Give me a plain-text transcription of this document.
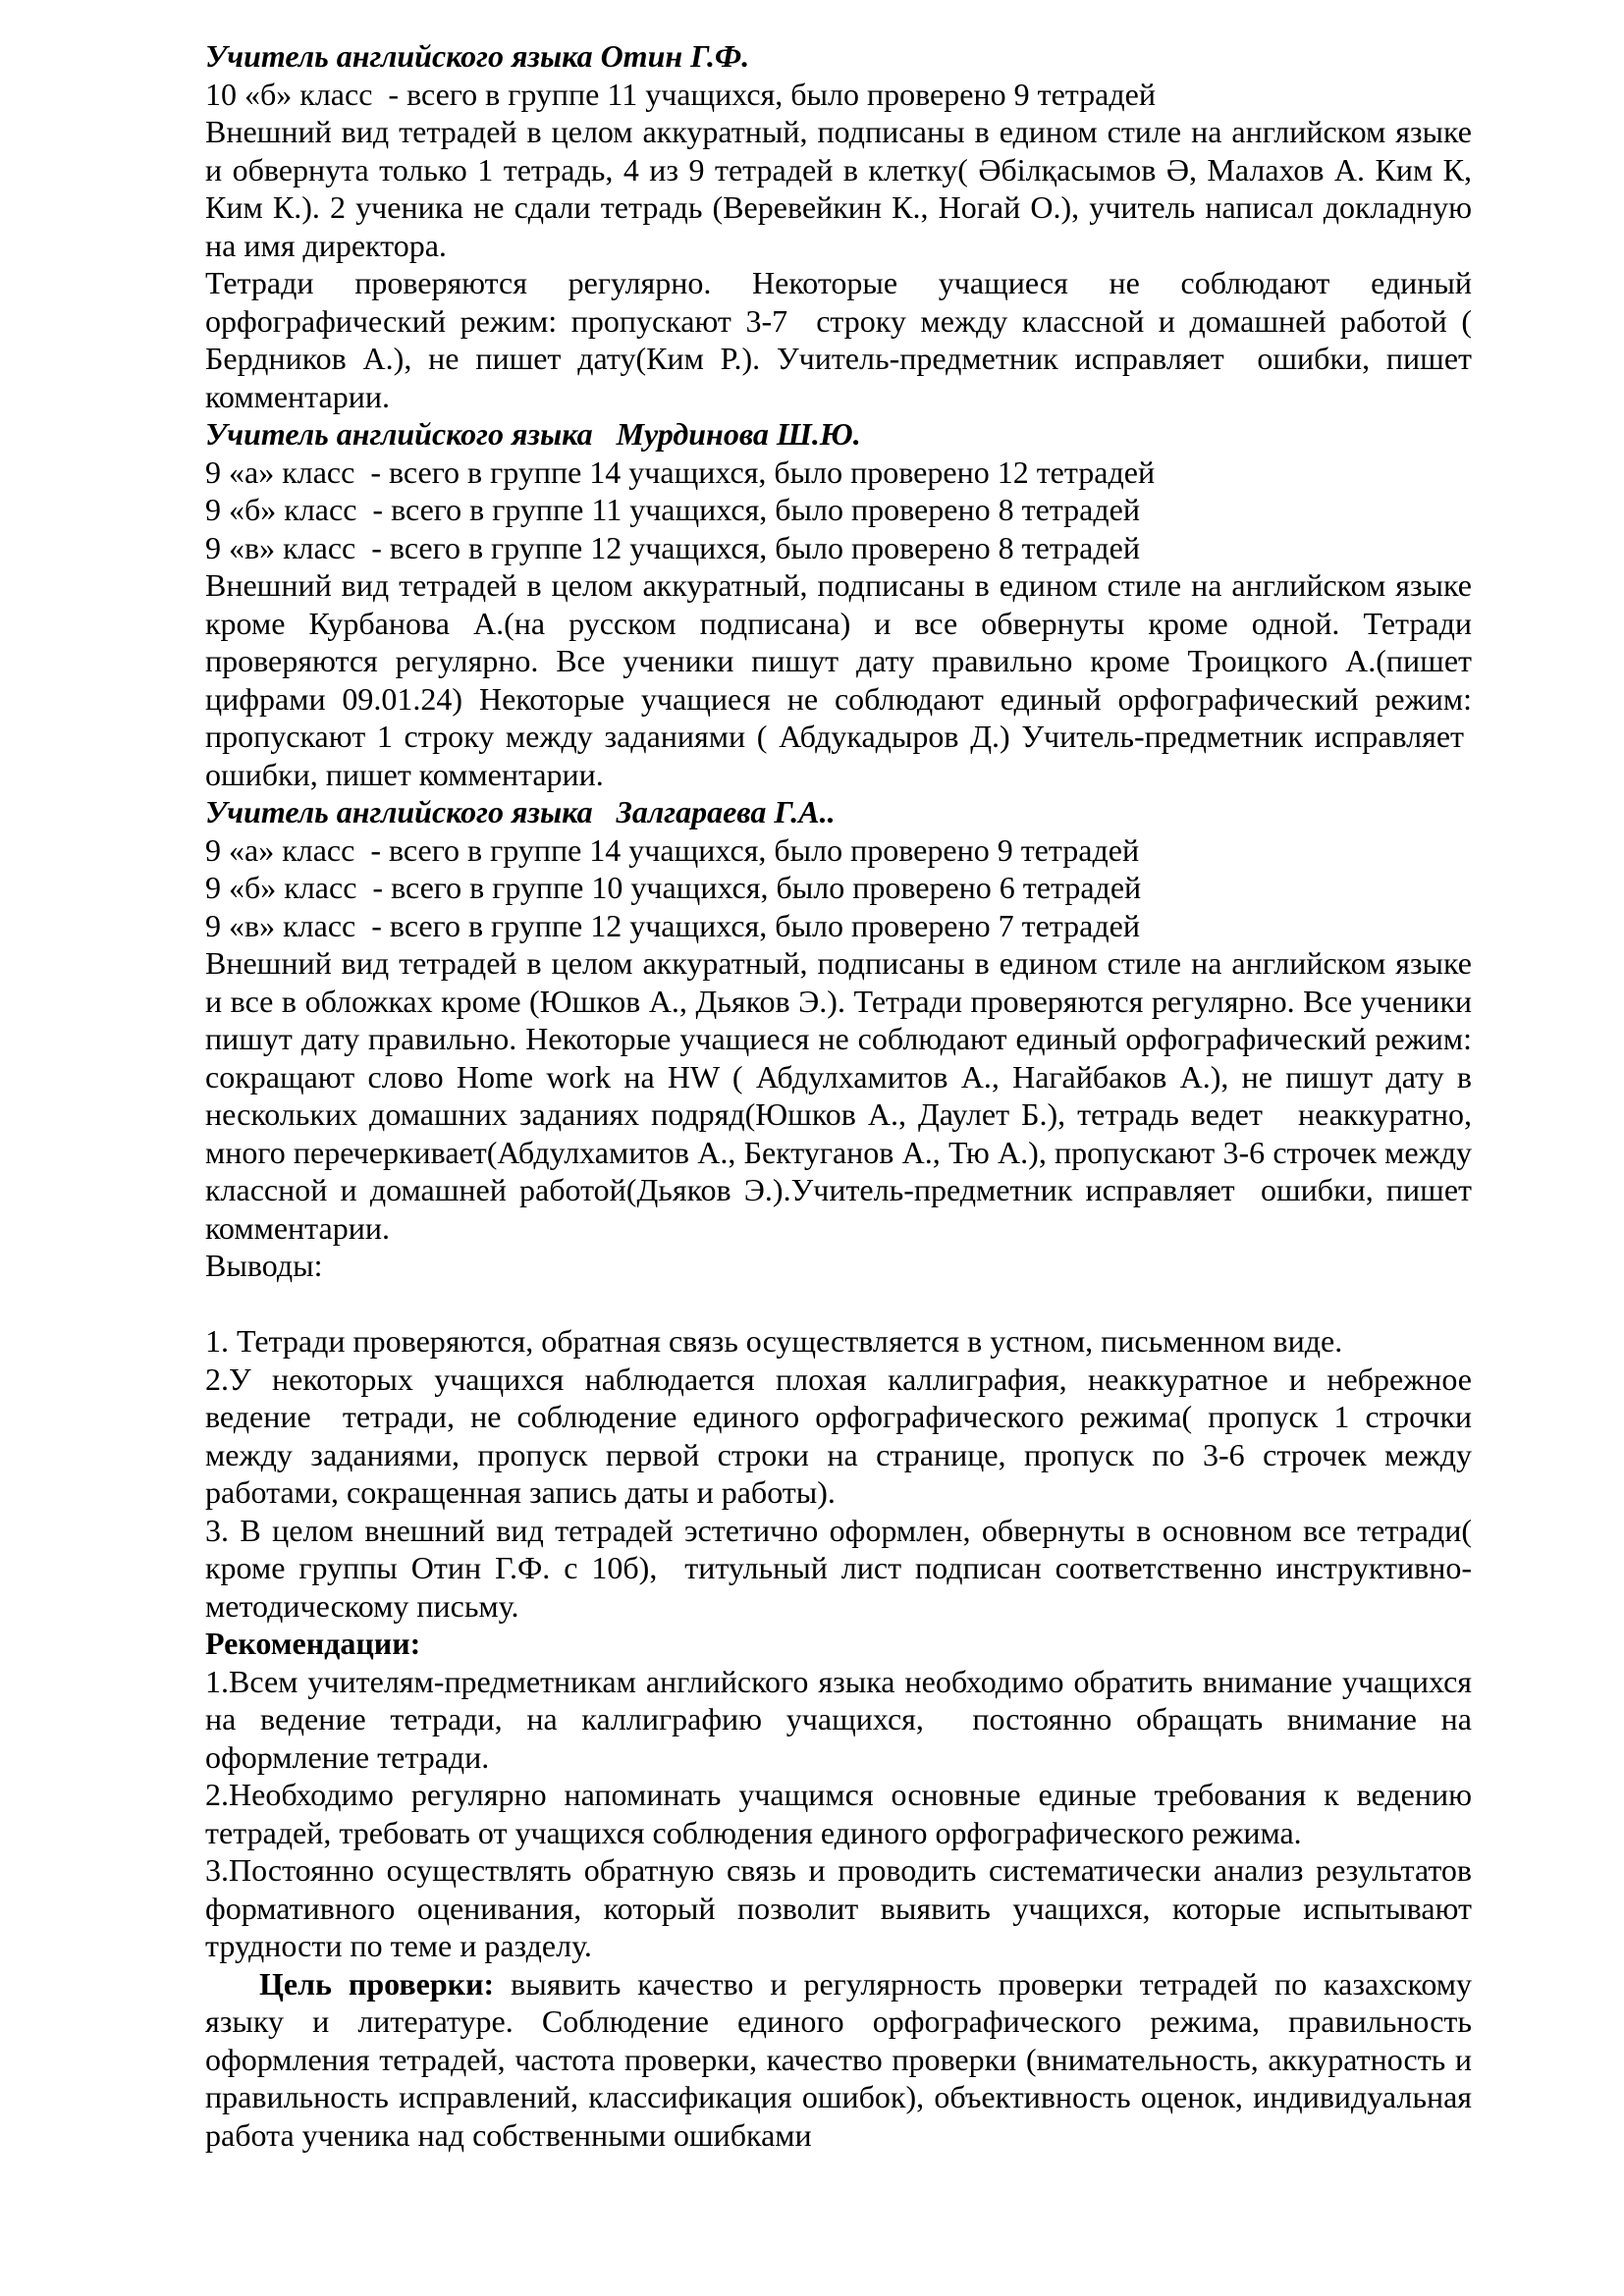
Учитель английского языка Отин Г.Ф.

10 «б» класс  - всего в группе 11 учащихся, было проверено 9 тетрадей

Внешний вид тетрадей в целом аккуратный, подписаны в едином стиле на английском языке и обвернута только 1 тетрадь, 4 из 9 тетрадей в клетку( Әбілқасымов Ә, Малахов А. Ким К, Ким К.). 2 ученика не сдали тетрадь (Веревейкин К., Ногай О.), учитель написал докладную на имя директора.

Тетради проверяются регулярно. Некоторые учащиеся не соблюдают единый орфографический режим: пропускают 3-7  строку между классной и домашней работой ( Бердников А.), не пишет дату(Ким Р.). Учитель-предметник исправляет  ошибки, пишет комментарии.

Учитель английского языка   Мурдинова Ш.Ю.

9 «а» класс  - всего в группе 14 учащихся, было проверено 12 тетрадей

9 «б» класс  - всего в группе 11 учащихся, было проверено 8 тетрадей

9 «в» класс  - всего в группе 12 учащихся, было проверено 8 тетрадей

Внешний вид тетрадей в целом аккуратный, подписаны в едином стиле на английском языке кроме Курбанова А.(на русском подписана) и все обвернуты кроме одной. Тетради проверяются регулярно. Все ученики пишут дату правильно кроме Троицкого А.(пишет цифрами 09.01.24) Некоторые учащиеся не соблюдают единый орфографический режим: пропускают 1 строку между заданиями ( Абдукадыров Д.) Учитель-предметник исправляет  ошибки, пишет комментарии.

Учитель английского языка   Залгараева Г.А..

9 «а» класс  - всего в группе 14 учащихся, было проверено 9 тетрадей

9 «б» класс  - всего в группе 10 учащихся, было проверено 6 тетрадей

9 «в» класс  - всего в группе 12 учащихся, было проверено 7 тетрадей

Внешний вид тетрадей в целом аккуратный, подписаны в едином стиле на английском языке и все в обложках кроме (Юшков А., Дьяков Э.). Тетради проверяются регулярно. Все ученики пишут дату правильно. Некоторые учащиеся не соблюдают единый орфографический режим: сокращают слово Home work на HW ( Абдулхамитов А., Нагайбаков А.), не пишут дату в нескольких домашних заданиях подряд(Юшков А., Даулет Б.), тетрадь ведет   неаккуратно, много перечеркивает(Абдулхамитов А., Бектуганов А., Тю А.), пропускают 3-6 строчек между классной и домашней работой(Дьяков Э.).Учитель-предметник исправляет  ошибки, пишет комментарии.

Выводы:

1. Тетради проверяются, обратная связь осуществляется в устном, письменном виде.

2.У некоторых учащихся наблюдается плохая каллиграфия, неаккуратное и небрежное ведение  тетради, не соблюдение единого орфографического режима( пропуск 1 строчки между заданиями, пропуск первой строки на странице, пропуск по 3-6 строчек между работами, сокращенная запись даты и работы).

3. В целом внешний вид тетрадей эстетично оформлен, обвернуты в основном все тетради( кроме группы Отин Г.Ф. с 10б),  титульный лист подписан соответственно инструктивно-методическому письму.

Рекомендации:

1.Всем учителям-предметникам английского языка необходимо обратить внимание учащихся на ведение тетради, на каллиграфию учащихся,  постоянно обращать внимание на оформление тетради.

2.Необходимо регулярно напоминать учащимся основные единые требования к ведению тетрадей, требовать от учащихся соблюдения единого орфографического режима.

3.Постоянно осуществлять обратную связь и проводить систематически анализ результатов формативного оценивания, который позволит выявить учащихся, которые испытывают трудности по теме и разделу.

Цель проверки: выявить качество и регулярность проверки тетрадей по казахскому языку и литературе. Соблюдение единого орфографического режима, правильность оформления тетрадей, частота проверки, качество проверки (внимательность, аккуратность и правильность исправлений, классификация ошибок), объективность оценок, индивидуальная работа ученика над собственными ошибками
